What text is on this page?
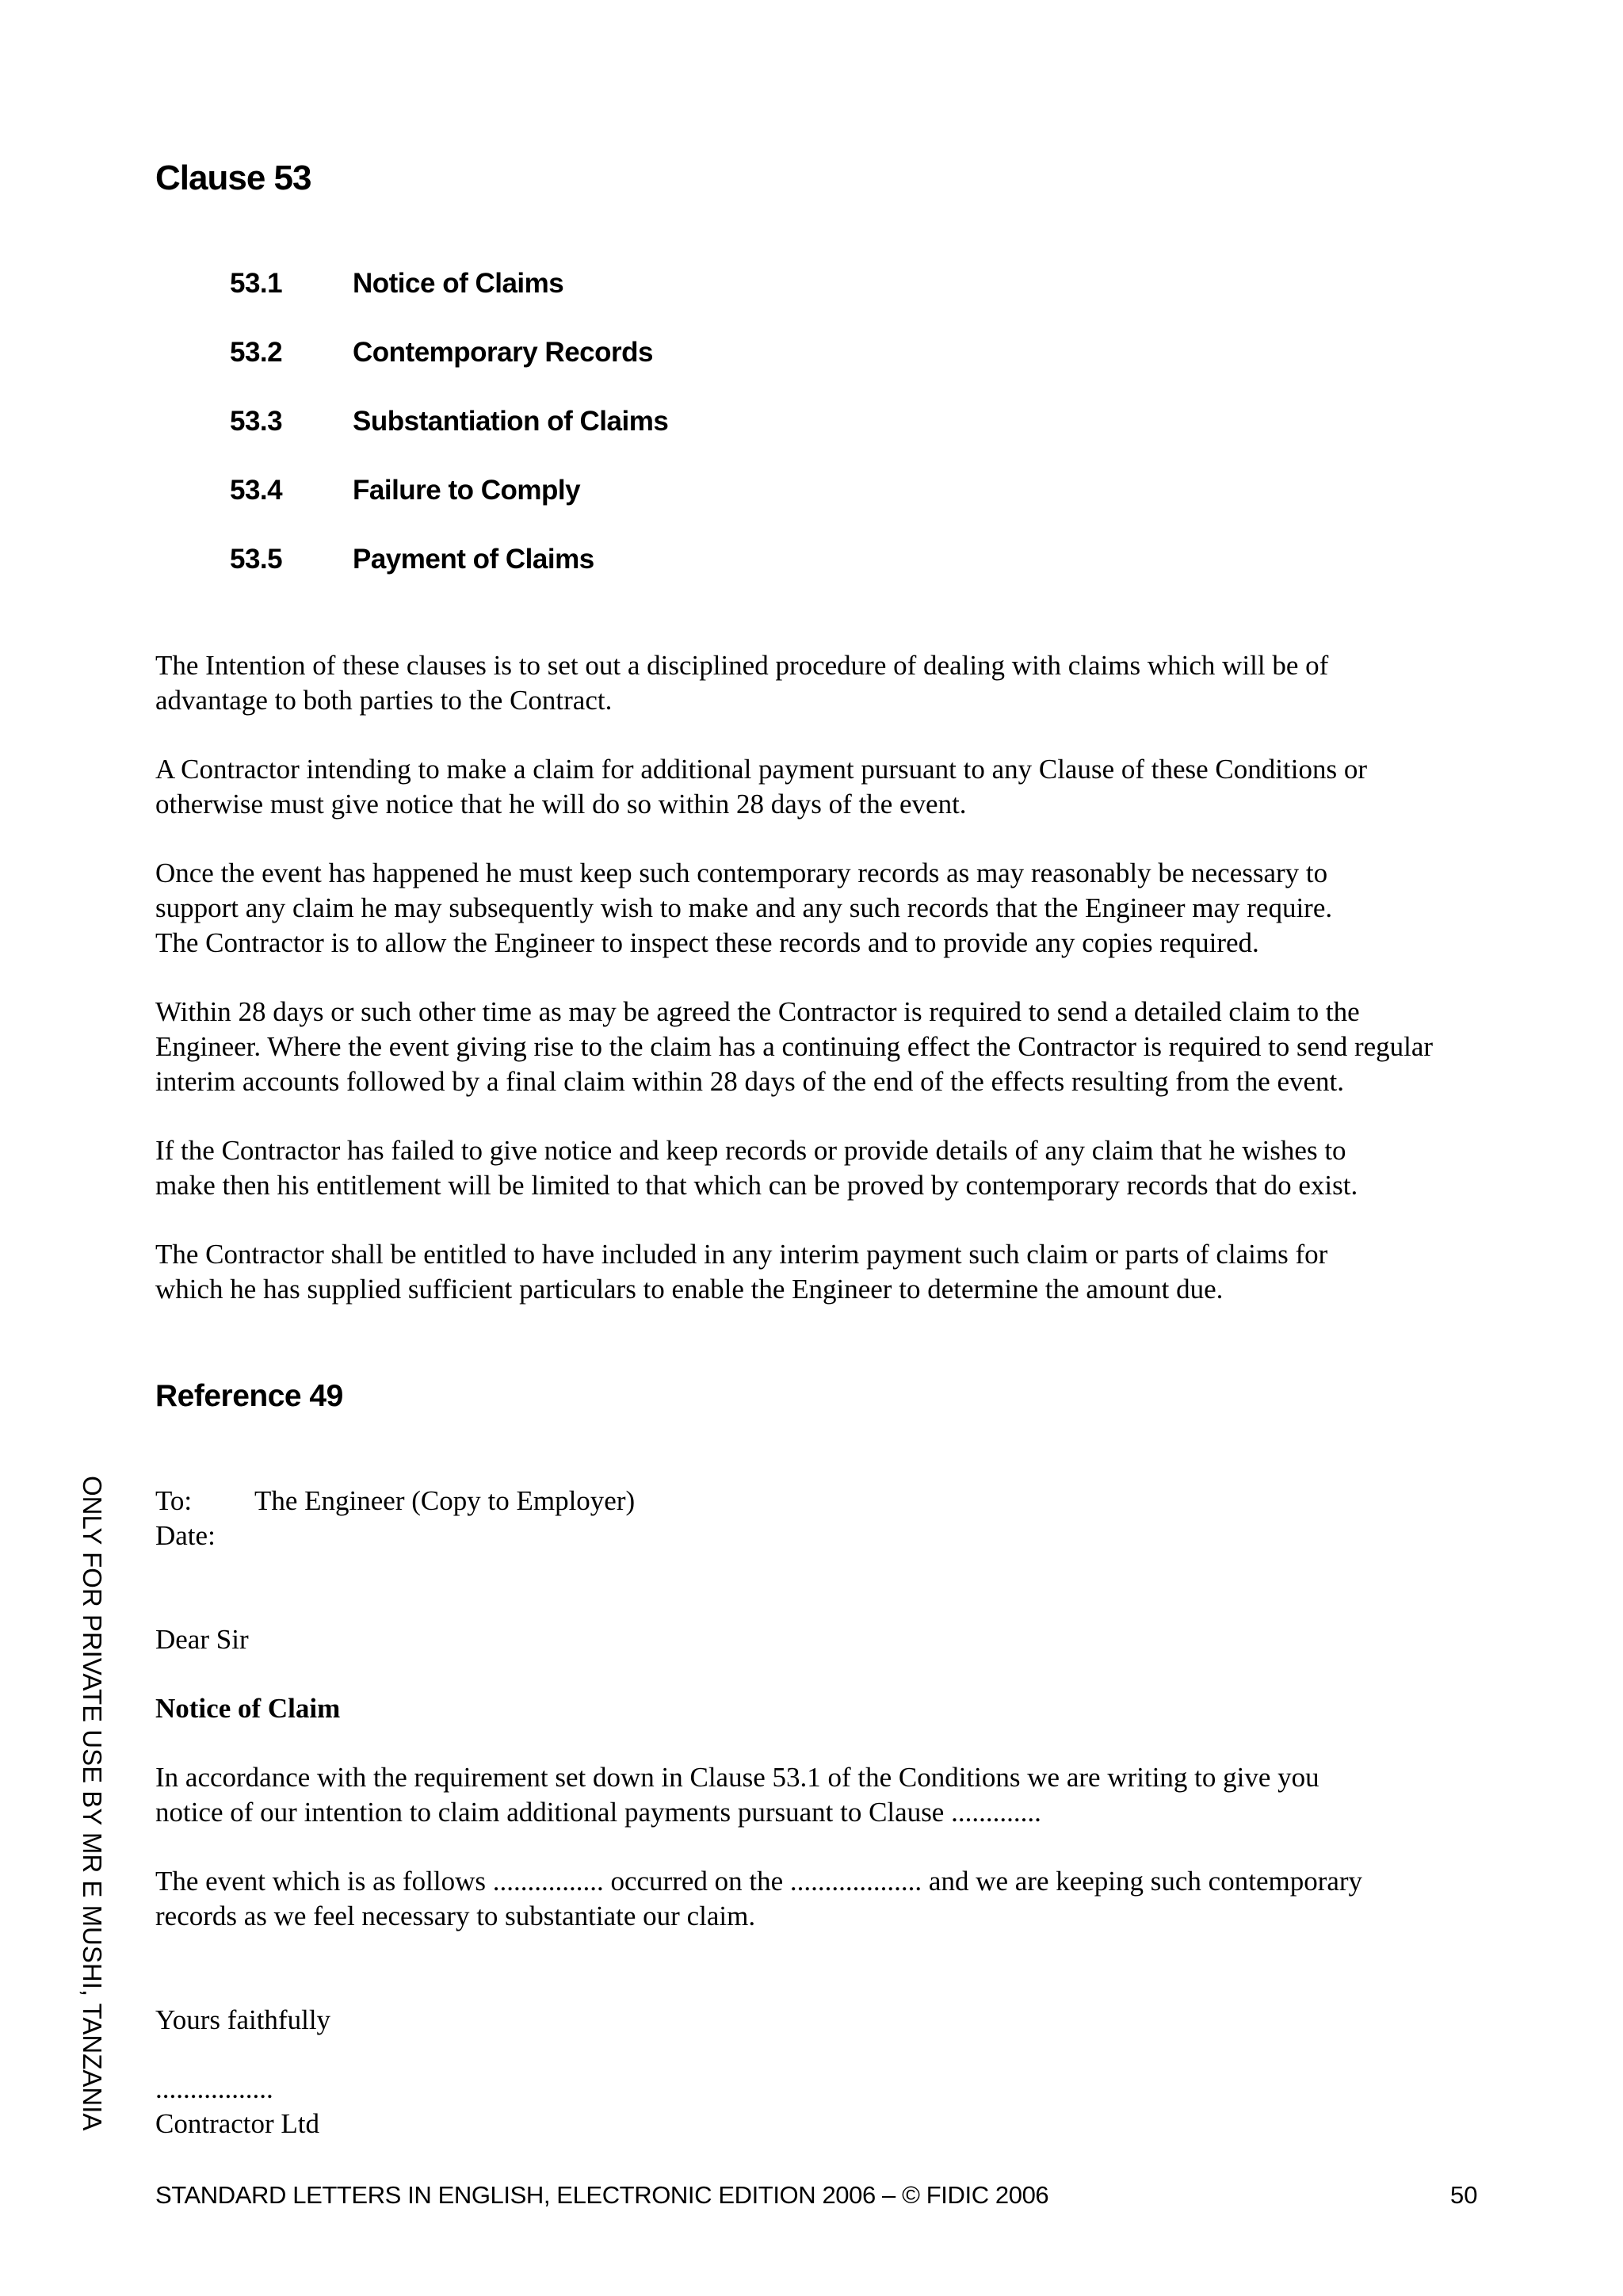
Clause 53
53.1	Notice of Claims
53.2	Contemporary Records
53.3	Substantiation of Claims
53.4	Failure to Comply
53.5	Payment of Claims

The Intention of these clauses is to set out a disciplined procedure of dealing with claims which will be of
advantage to both parties to the Contract.

A Contractor intending to make a claim for additional payment pursuant to any Clause of these Conditions or
otherwise must give notice that he will do so within 28 days of the event.

Once the event has happened he must keep such contemporary records as may reasonably be necessary to
support any claim he may subsequently wish to make and any such records that the Engineer may require.
The Contractor is to allow the Engineer to inspect these records and to provide any copies required.

Within 28 days or such other time as may be agreed the Contractor is required to send a detailed claim to the
Engineer. Where the event giving rise to the claim has a continuing effect the Contractor is required to send regular
interim accounts followed by a final claim within 28 days of the end of the effects resulting from the event.

If the Contractor has failed to give notice and keep records or provide details of any claim that he wishes to
make then his entitlement will be limited to that which can be proved by contemporary records that do exist.

The Contractor shall be entitled to have included in any interim payment such claim or parts of claims for
which he has supplied sufficient particulars to enable the Engineer to determine the amount due.

Reference 49
To:	The Engineer (Copy to Employer)
Date:

Dear Sir

Notice of Claim

In accordance with the requirement set down in Clause 53.1 of the Conditions we are writing to give you
notice of our intention to claim additional payments pursuant to Clause .............

The event which is as follows ................ occurred on the ................... and we are keeping such contemporary
records as we feel necessary to substantiate our claim.

Yours faithfully

.................

Contractor Ltd

ONLY FOR PRIVATE USE BY MR E MUSHI, TANZANIA
STANDARD LETTERS IN ENGLISH, ELECTRONIC EDITION 2006 – © FIDIC 2006	50
